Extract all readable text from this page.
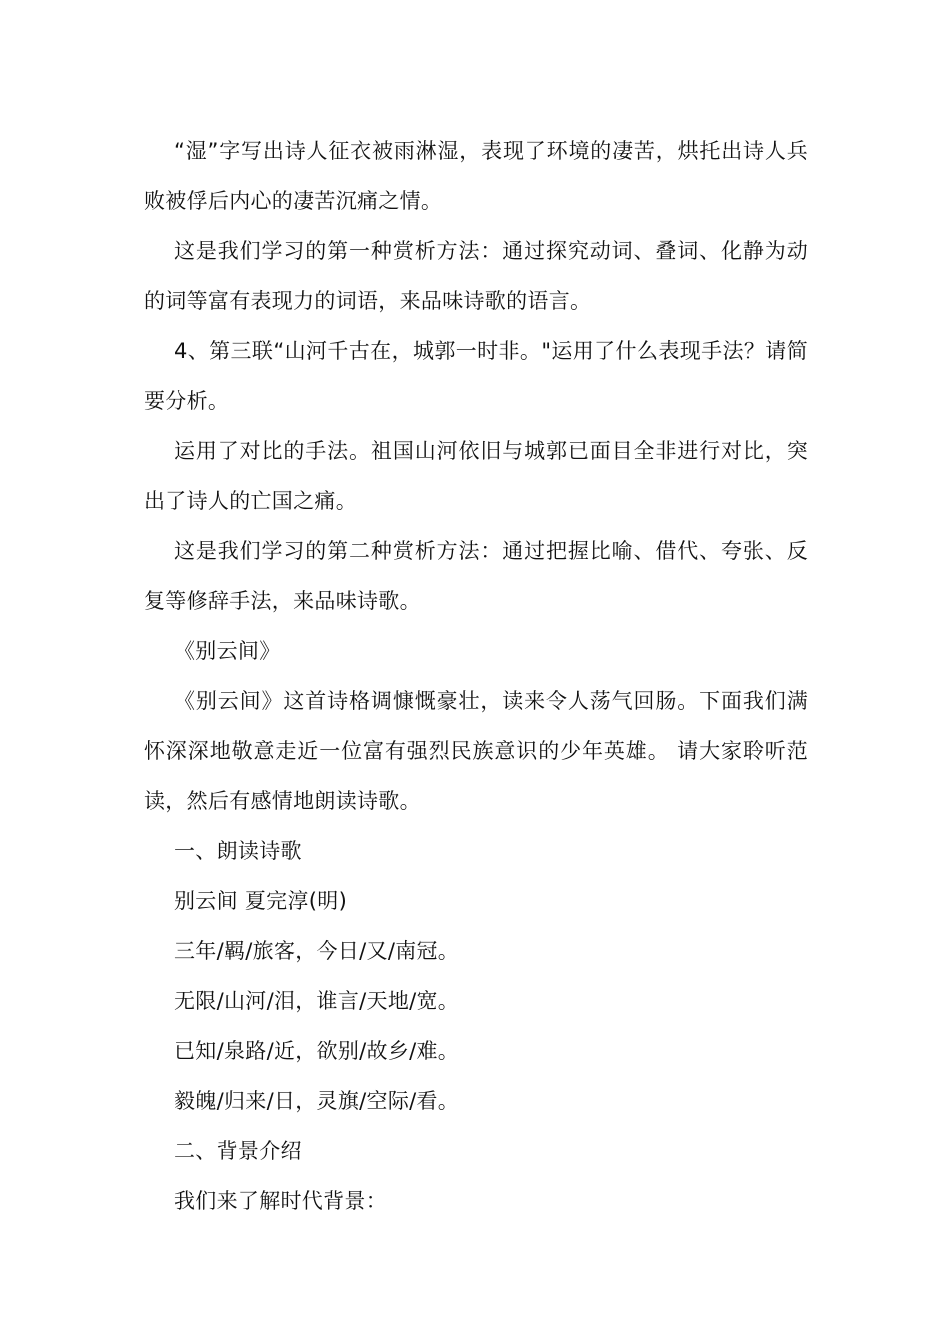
“湿”字写出诗人征衣被雨淋湿，表现了环境的凄苦，烘托出诗人兵败被俘后内心的凄苦沉痛之情。

这是我们学习的第一种赏析方法：通过探究动词、叠词、化静为动的词等富有表现力的词语，来品味诗歌的语言。

4、第三联“山河千古在，城郭一时非。"运用了什么表现手法？请简要分析。

运用了对比的手法。祖国山河依旧与城郭已面目全非进行对比，突出了诗人的亡国之痛。

这是我们学习的第二种赏析方法：通过把握比喻、借代、夸张、反复等修辞手法，来品味诗歌。

《别云间》

《别云间》这首诗格调慷慨豪壮，读来令人荡气回肠。下面我们满怀深深地敬意走近一位富有强烈民族意识的少年英雄。 请大家聆听范读，然后有感情地朗读诗歌。

一、朗读诗歌

别云间 夏完淳(明)

三年/羁/旅客，今日/又/南冠。

无限/山河/泪，谁言/天地/宽。

已知/泉路/近，欲别/故乡/难。

毅魄/归来/日，灵旗/空际/看。

二、背景介绍

我们来了解时代背景：
